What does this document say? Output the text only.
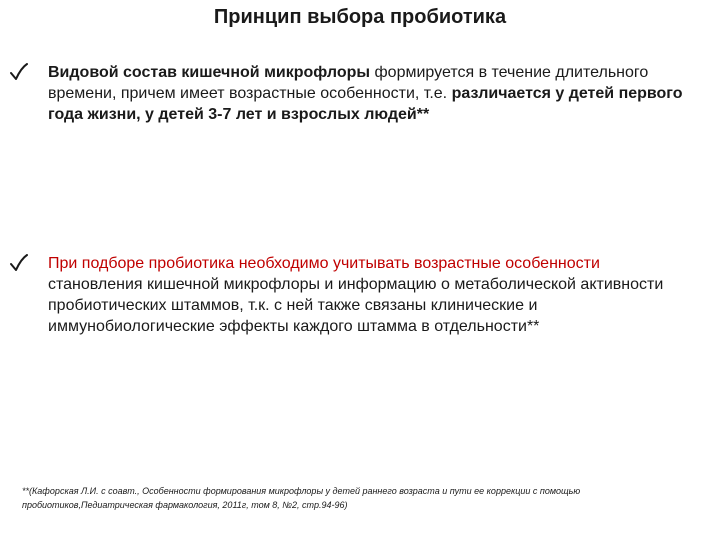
Принцип выбора пробиотика
Видовой состав кишечной микрофлоры формируется в течение длительного времени, причем имеет возрастные особенности, т.е. различается у детей первого года жизни, у детей 3-7 лет и взрослых людей**
При подборе пробиотика необходимо учитывать возрастные особенности становления кишечной микрофлоры и информацию о метаболической активности пробиотических штаммов, т.к. с ней также связаны клинические и иммунобиологические эффекты каждого штамма в отдельности**
**(Кафорская Л.И. с соавт., Особенности формирования микрофлоры у детей раннего возраста и пути ее коррекции с помощью пробиотиков,Педиатрическая фармакология, 2011г, том 8, №2, стр.94-96)
